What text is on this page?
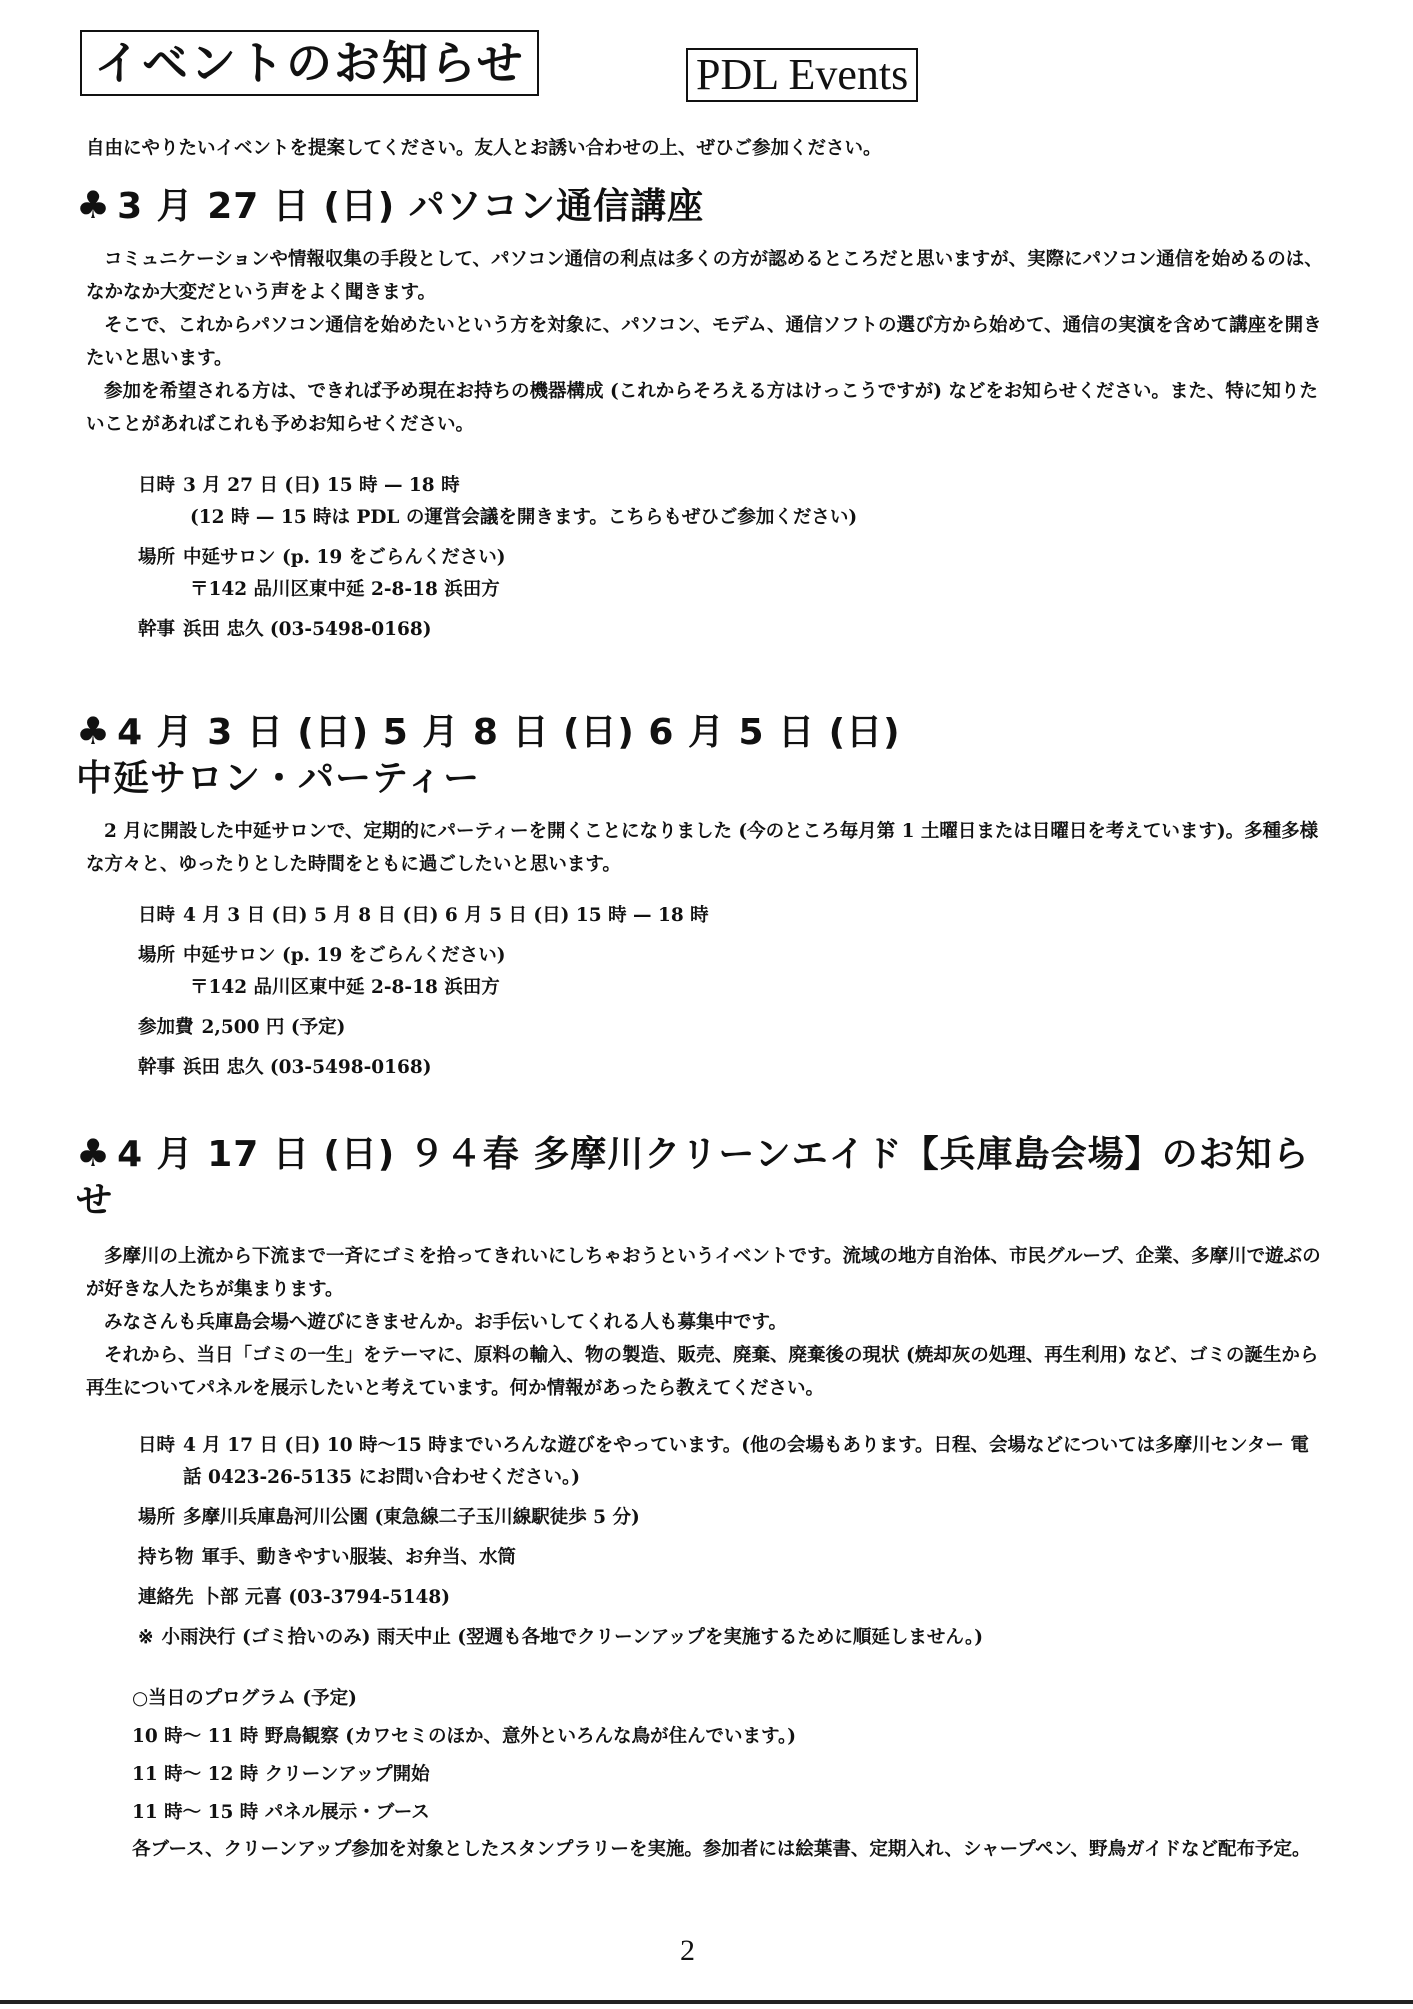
イベントのお知らせ	PDL Events

自由にやりたいイベントを提案してください。友人とお誘い合わせの上、ぜひご参加ください。

♣ 3 月 27 日 (日) パソコン通信講座

コミュニケーションや情報収集の手段として、パソコン通信の利点は多くの方が認めるところだと思いますが、実際にパソコン通信を始めるのは、なかなか大変だという声をよく聞きます。

そこで、これからパソコン通信を始めたいという方を対象に、パソコン、モデム、通信ソフトの選び方から始めて、通信の実演を含めて講座を開きたいと思います。

参加を希望される方は、できれば予め現在お持ちの機器構成 (これからそろえる方はけっこうですが) などをお知らせください。また、特に知りたいことがあればこれも予めお知らせください。

日時 3 月 27 日 (日) 15 時 — 18 時
(12 時 — 15 時は PDL の運営会議を開きます。こちらもぜひご参加ください)
場所 中延サロン (p. 19 をごらんください)
〒142 品川区東中延 2-8-18 浜田方
幹事 浜田 忠久 (03-5498-0168)
♣ 4 月 3 日 (日) 5 月 8 日 (日) 6 月 5 日 (日)
中延サロン・パーティー

2 月に開設した中延サロンで、定期的にパーティーを開くことになりました (今のところ毎月第 1 土曜日または日曜日を考えています)。多種多様な方々と、ゆったりとした時間をともに過ごしたいと思います。

日時 4 月 3 日 (日) 5 月 8 日 (日) 6 月 5 日 (日) 15 時 — 18 時
場所 中延サロン (p. 19 をごらんください)
〒142 品川区東中延 2-8-18 浜田方
参加費 2,500 円 (予定)
幹事 浜田 忠久 (03-5498-0168)
♣ 4 月 17 日 (日) ９４春 多摩川クリーンエイド【兵庫島会場】のお知らせ

多摩川の上流から下流まで一斉にゴミを拾ってきれいにしちゃおうというイベントです。流域の地方自治体、市民グループ、企業、多摩川で遊ぶのが好きな人たちが集まります。

みなさんも兵庫島会場へ遊びにきませんか。お手伝いしてくれる人も募集中です。

それから、当日「ゴミの一生」をテーマに、原料の輸入、物の製造、販売、廃棄、廃棄後の現状 (焼却灰の処理、再生利用) など、ゴミの誕生から再生についてパネルを展示したいと考えています。何か情報があったら教えてください。

日時 4 月 17 日 (日) 10 時～15 時までいろんな遊びをやっています。(他の会場もあります。日程、会場などについては多摩川センター 電話 0423-26-5135 にお問い合わせください。)
場所 多摩川兵庫島河川公園 (東急線二子玉川線駅徒歩 5 分)
持ち物 軍手、動きやすい服装、お弁当、水筒
連絡先 卜部 元喜 (03-3794-5148)
※ 小雨決行 (ゴミ拾いのみ) 雨天中止 (翌週も各地でクリーンアップを実施するために順延しません。)
○当日のプログラム (予定)
10 時～ 11 時 野鳥観察 (カワセミのほか、意外といろんな鳥が住んでいます。)
11 時～ 12 時 クリーンアップ開始
11 時～ 15 時 パネル展示・ブース
各ブース、クリーンアップ参加を対象としたスタンプラリーを実施。参加者には絵葉書、定期入れ、シャープペン、野鳥ガイドなど配布予定。
2
